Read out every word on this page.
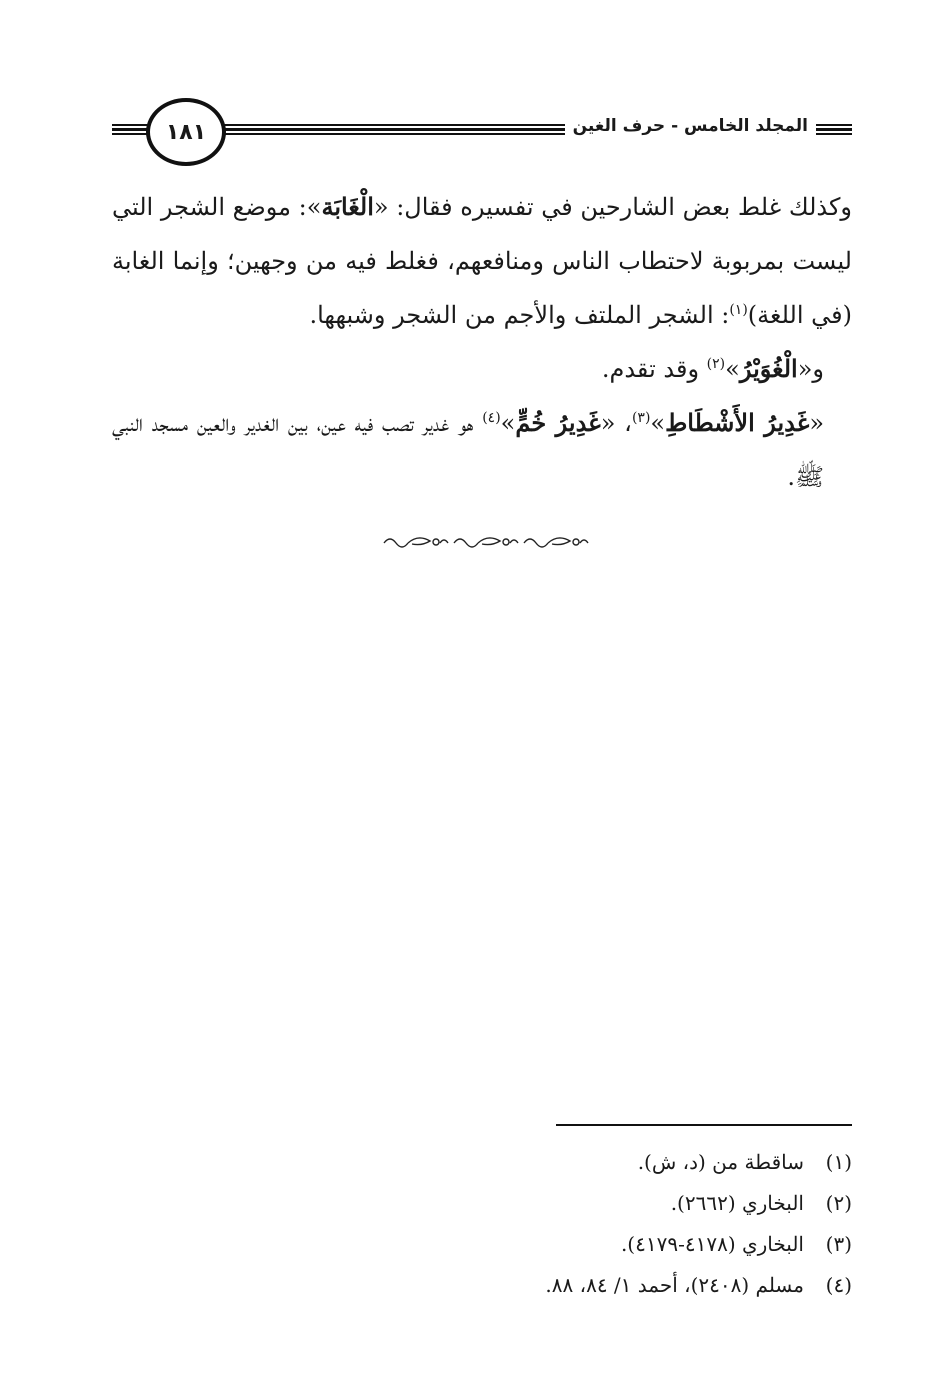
١٨١	المجلد الخامس - حرف الغين

وكذلك غلط بعض الشارحين في تفسيره فقال: «الْغَابَة»: موضع الشجر التي ليست بمربوبة لاحتطاب الناس ومنافعهم، فغلط فيه من وجهين؛ وإنما الغابة (في اللغة)$^{(١)}$: الشجر الملتف والأجم من الشجر وشبهها.

و«الْغُوَيْرُ»$^{(٢)}$ وقد تقدم.

«غَدِيرُ الأَشْطَاطِ»$^{(٣)}$، «غَدِيرُ خُمٍّ»$^{(٤)}$ هو غدير تصب فيه عين، بين الغدير والعين مسجد النبي ﷺ.

(١)
ساقطة من (د، ش).
(٢)
البخاري (٢٦٦٢).
(٣)
البخاري (٤١٧٨-٤١٧٩).
(٤)
مسلم (٢٤٠٨)، أحمد ١/ ٨٤، ٨٨.
